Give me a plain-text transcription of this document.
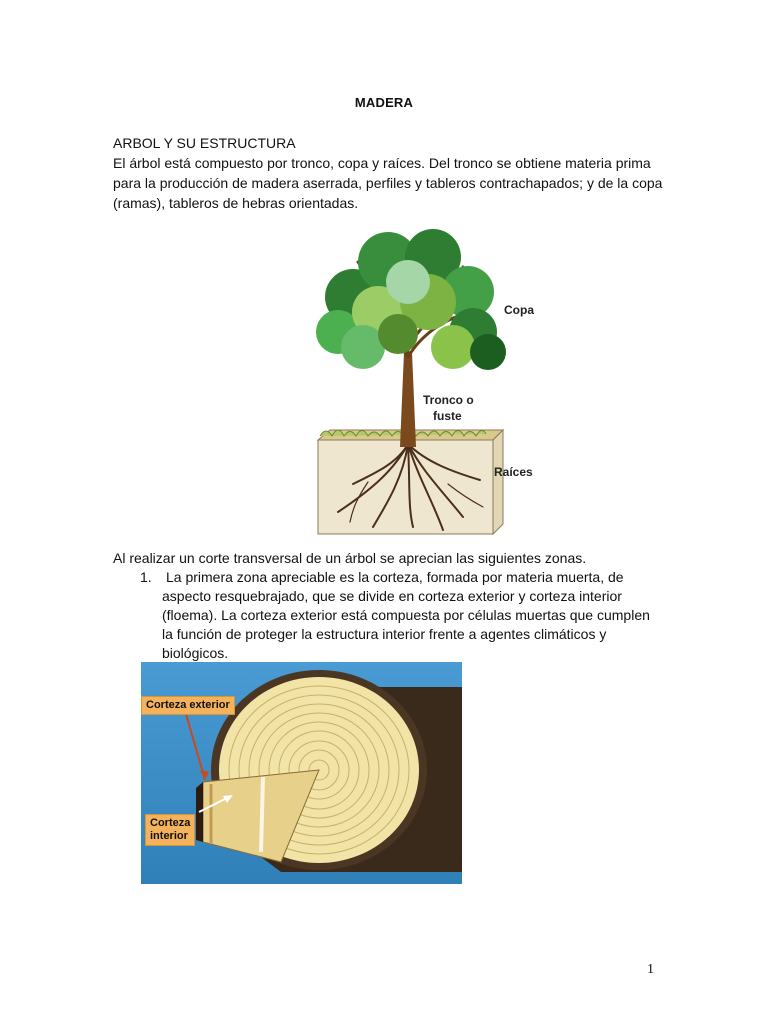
MADERA
ARBOL Y SU ESTRUCTURA
El árbol está compuesto por tronco, copa y raíces. Del tronco se obtiene materia prima
para la producción de madera aserrada, perfiles y tableros contrachapados; y de la copa
(ramas), tableros de hebras orientadas.
Copa
Tronco o
fuste
Raíces
Al realizar un corte transversal de un árbol se aprecian las siguientes zonas.
1. La primera zona apreciable es la corteza, formada por materia muerta, de
aspecto resquebrajado, que se divide en corteza exterior y corteza interior
(floema). La corteza exterior está compuesta por células muertas que cumplen
la función de proteger la estructura interior frente a agentes climáticos y
biológicos.
Corteza exterior
Corteza
interior
1
